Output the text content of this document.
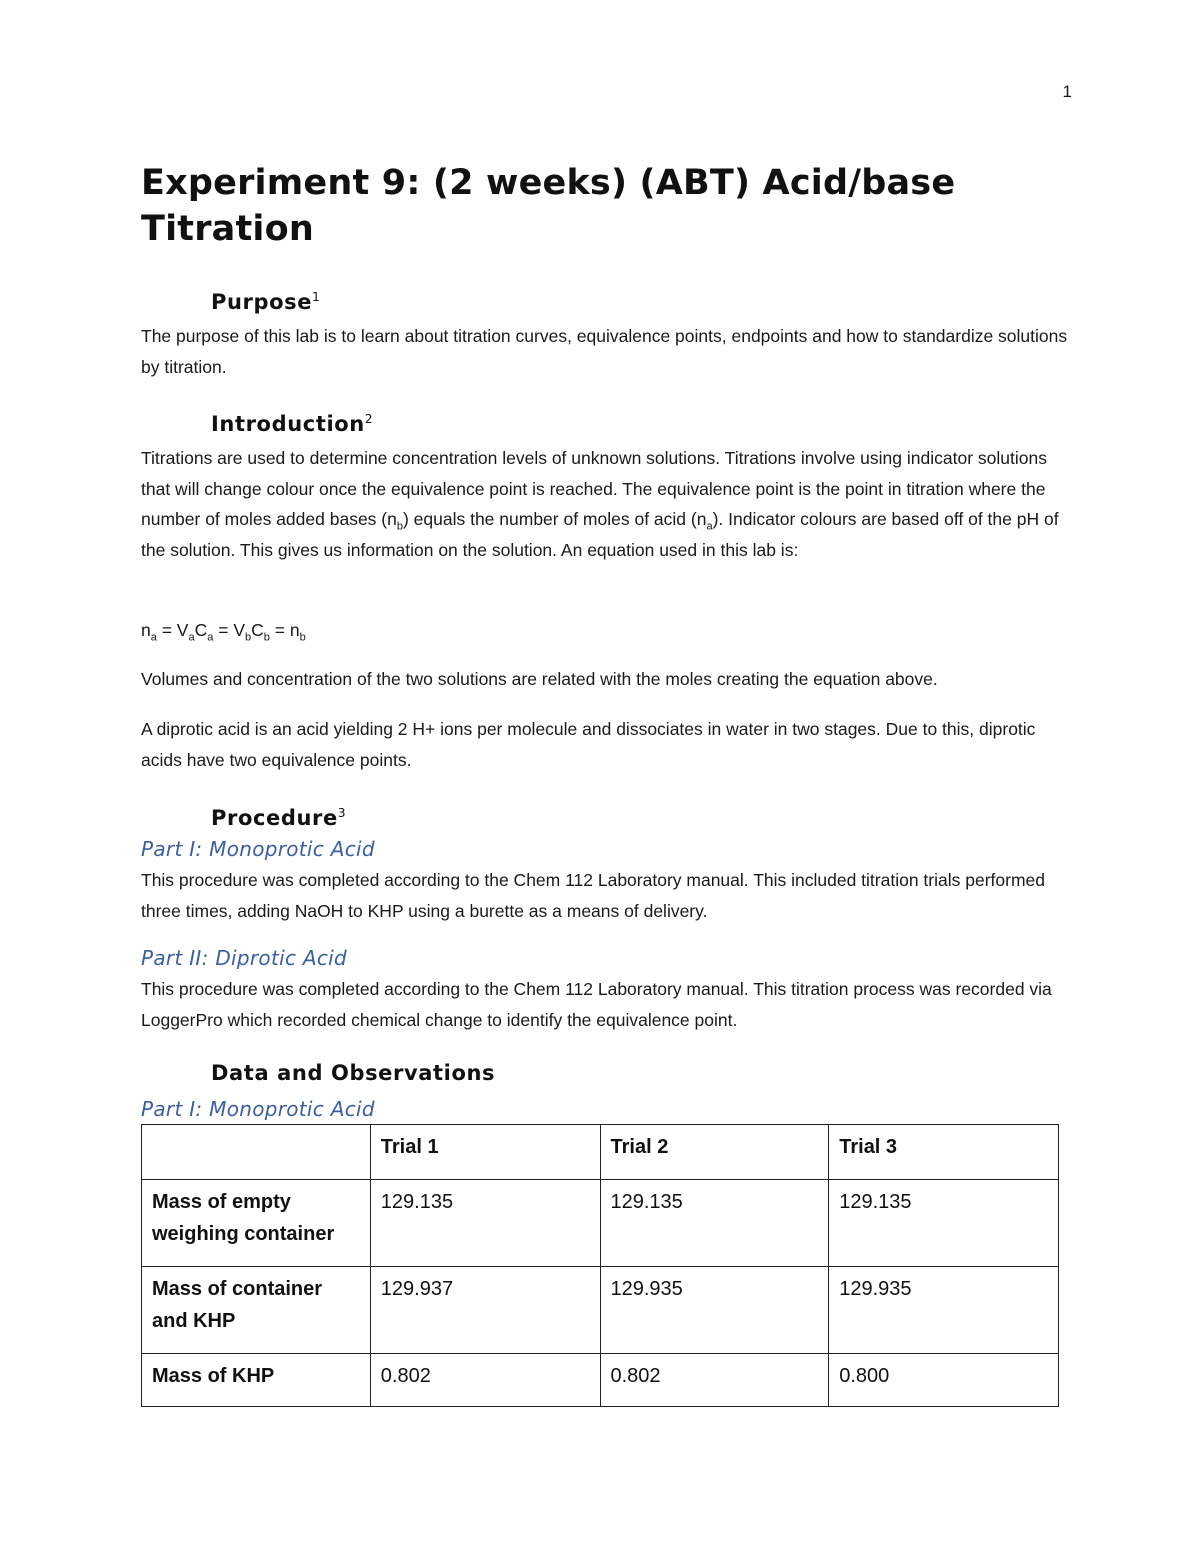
1
Experiment 9: (2 weeks) (ABT) Acid/base Titration
Purpose$^1$

The purpose of this lab is to learn about titration curves, equivalence points, endpoints and how to standardize solutions by titration.

Introduction$^2$

Titrations are used to determine concentration levels of unknown solutions. Titrations involve using indicator solutions that will change colour once the equivalence point is reached. The equivalence point is the point in titration where the number of moles added bases $(n_b)$ equals the number of moles of acid $(n_a)$. Indicator colours are based off of the pH of the solution. This gives us information on the solution. An equation used in this lab is:

$n_a = V_aC_a = V_bC_b = n_b$

Volumes and concentration of the two solutions are related with the moles creating the equation above.

A diprotic acid is an acid yielding 2 H+ ions per molecule and dissociates in water in two stages. Due to this, diprotic acids have two equivalence points.

Procedure$^3$
Part I: Monoprotic Acid

This procedure was completed according to the Chem 112 Laboratory manual. This included titration trials performed three times, adding NaOH to KHP using a burette as a means of delivery.

Part II: Diprotic Acid

This procedure was completed according to the Chem 112 Laboratory manual. This titration process was recorded via LoggerPro which recorded chemical change to identify the equivalence point.

Data and Observations
Part I: Monoprotic Acid
	Trial 1	Trial 2	Trial 3
Mass of empty weighing container	129.135	129.135	129.135
Mass of container and KHP	129.937	129.935	129.935
Mass of KHP	0.802	0.802	0.800
